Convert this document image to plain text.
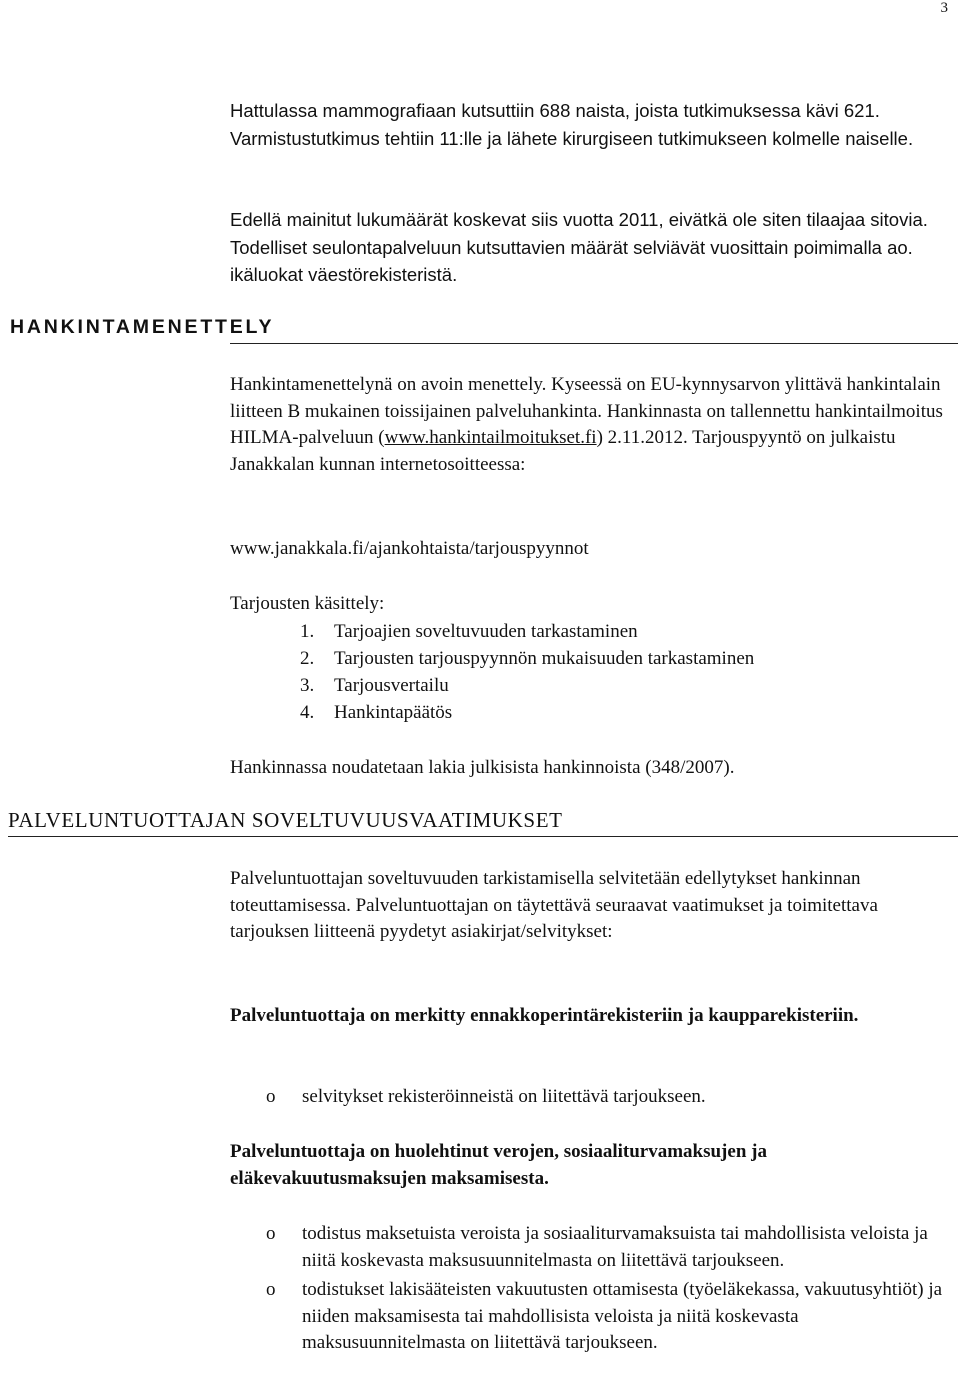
3

Hattulassa mammografiaan kutsuttiin 688 naista, joista tutkimuksessa kävi 621. Varmistustutkimus tehtiin 11:lle ja lähete kirurgiseen tutkimukseen kolmelle naiselle.

Edellä mainitut lukumäärät koskevat siis vuotta 2011, eivätkä ole siten tilaajaa sitovia. Todelliset seulontapalveluun kutsuttavien määrät selviävät vuosittain poimimalla ao. ikäluokat väestörekisteristä.

HANKINTAMENETTELY

Hankintamenettelynä on avoin menettely. Kyseessä on EU-kynnysarvon ylittävä hankintalain liitteen B mukainen toissijainen palveluhankinta. Hankinnasta on tallennettu hankintailmoitus HILMA-palveluun (www.hankintailmoitukset.fi) 2.11.2012. Tarjouspyyntö on julkaistu Janakkalan kunnan internetosoitteessa:

www.janakkala.fi/ajankohtaista/tarjouspyynnot

Tarjousten käsittely:

1. Tarjoajien soveltuvuuden tarkastaminen
2. Tarjousten tarjouspyynnön mukaisuuden tarkastaminen
3. Tarjousvertailu
4. Hankintapäätös

Hankinnassa noudatetaan lakia julkisista hankinnoista (348/2007).

PALVELUNTUOTTAJAN SOVELTUVUUSVAATIMUKSET

Palveluntuottajan soveltuvuuden tarkistamisella selvitetään edellytykset hankinnan toteuttamisessa. Palveluntuottajan on täytettävä seuraavat vaatimukset ja toimitettava tarjouksen liitteenä pyydetyt asiakirjat/selvitykset:

Palveluntuottaja on merkitty ennakkoperintärekisteriin ja kaupparekisteriin.

o selvitykset rekisteröinneistä on liitettävä tarjoukseen.

Palveluntuottaja on huolehtinut verojen, sosiaaliturvamaksujen ja eläkevakuutusmaksujen maksamisesta.

o todistus maksetuista veroista ja sosiaaliturvamaksuista tai mahdollisista veloista ja niitä koskevasta maksusuunnitelmasta on liitettävä tarjoukseen.
o todistukset lakisääteisten vakuutusten ottamisesta (työeläkekassa, vakuutusyhtiöt) ja niiden maksamisesta tai mahdollisista veloista ja niitä koskevasta maksusuunnitelmasta on liitettävä tarjoukseen.
